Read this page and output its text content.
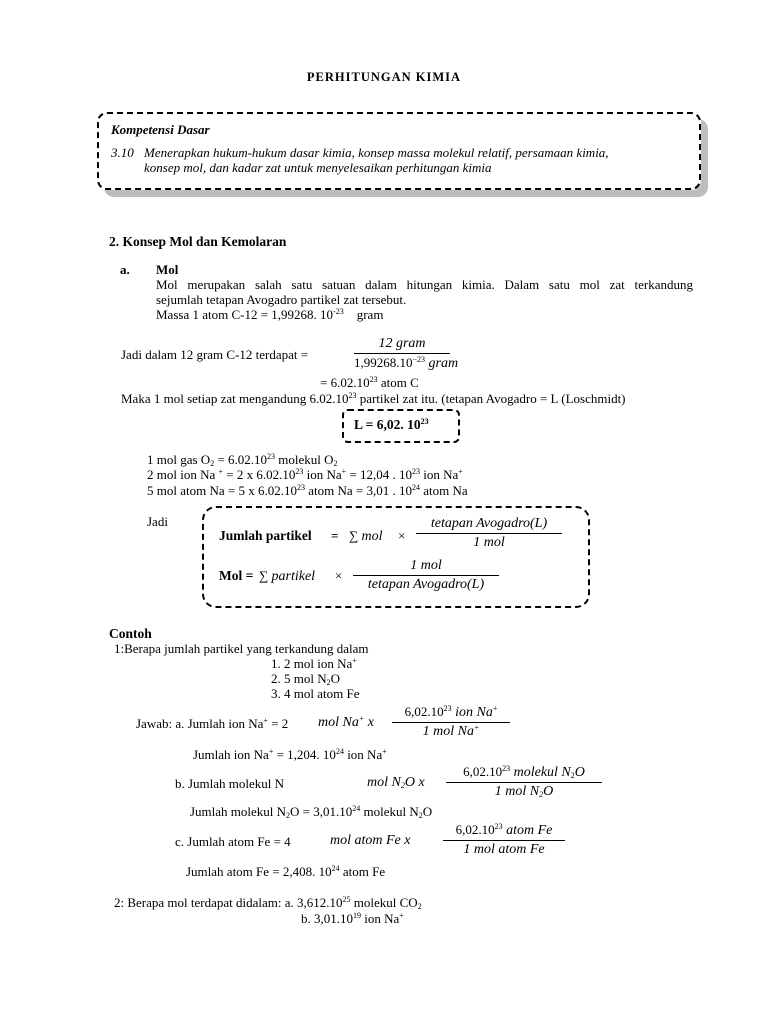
PERHITUNGAN KIMIA
Kompetensi Dasar
3.10 Menerapkan hukum-hukum dasar kimia, konsep massa molekul relatif, persamaan kimia,
konsep mol, dan kadar zat untuk menyelesaikan perhitungan kimia
2. Konsep Mol dan Kemolaran
a. Mol
Mol merupakan salah satu satuan dalam hitungan kimia. Dalam satu mol zat terkandung
sejumlah tetapan Avogadro partikel zat tersebut.
Massa 1 atom C-12 = 1,99268. $10^{-23}$ gram
Jadi dalam 12 gram C-12 terdapat =
12 gram
$1,99268.10^{-23}$ gram
= $6.02.10^{23}$ atom C
Maka 1 mol setiap zat mengandung 6.02.10$^{23}$ partikel zat itu. (tetapan Avogadro = L (Loschmidt)
L = 6,02. $10^{23}$
1 mol gas $O_2 = 6.02.10^{23}$ molekul $O_2$
2 mol ion Na + = 2 x 6.02.10$^{23}$ ion Na+ = 12,04 . $10^{23}$ ion Na+
5 mol atom Na = 5 x 6.02.10$^{23}$ atom Na = 3,01 . $10^{24}$ atom Na
Jadi
Jumlah partikel = ∑ mol ×
tetapan Avogadro(L)
1 mol
Mol = ∑ partikel ×
1 mol
tetapan Avogadro(L)
Contoh
1:Berapa jumlah partikel yang terkandung dalam
1. 2 mol ion Na+
2. 5 mol $N_2O$
3. 4 mol atom Fe
Jawab: a. Jumlah ion Na+ = 2 mol Na+ x
6,02.10$^{23}$ ion Na+
1 mol Na+
Jumlah ion Na+ = 1,204. $10^{24}$ ion Na+
b. Jumlah molekul N	mol $N_2O$ x
6,02.10$^{23}$ molekul $N_2O$
1 mol $N_2O$
Jumlah molekul $N_2O = 3,01.10^{24}$ molekul $N_2O$
c. Jumlah atom Fe = 4	mol atom Fe x
6,02.10$^{23}$ atom Fe
1 mol atom Fe
Jumlah atom Fe = 2,408. $10^{24}$ atom Fe
2: Berapa mol terdapat didalam: a. 3,612.10$^{25}$ molekul $CO_2$
b. 3,01.10$^{19}$ ion Na+
